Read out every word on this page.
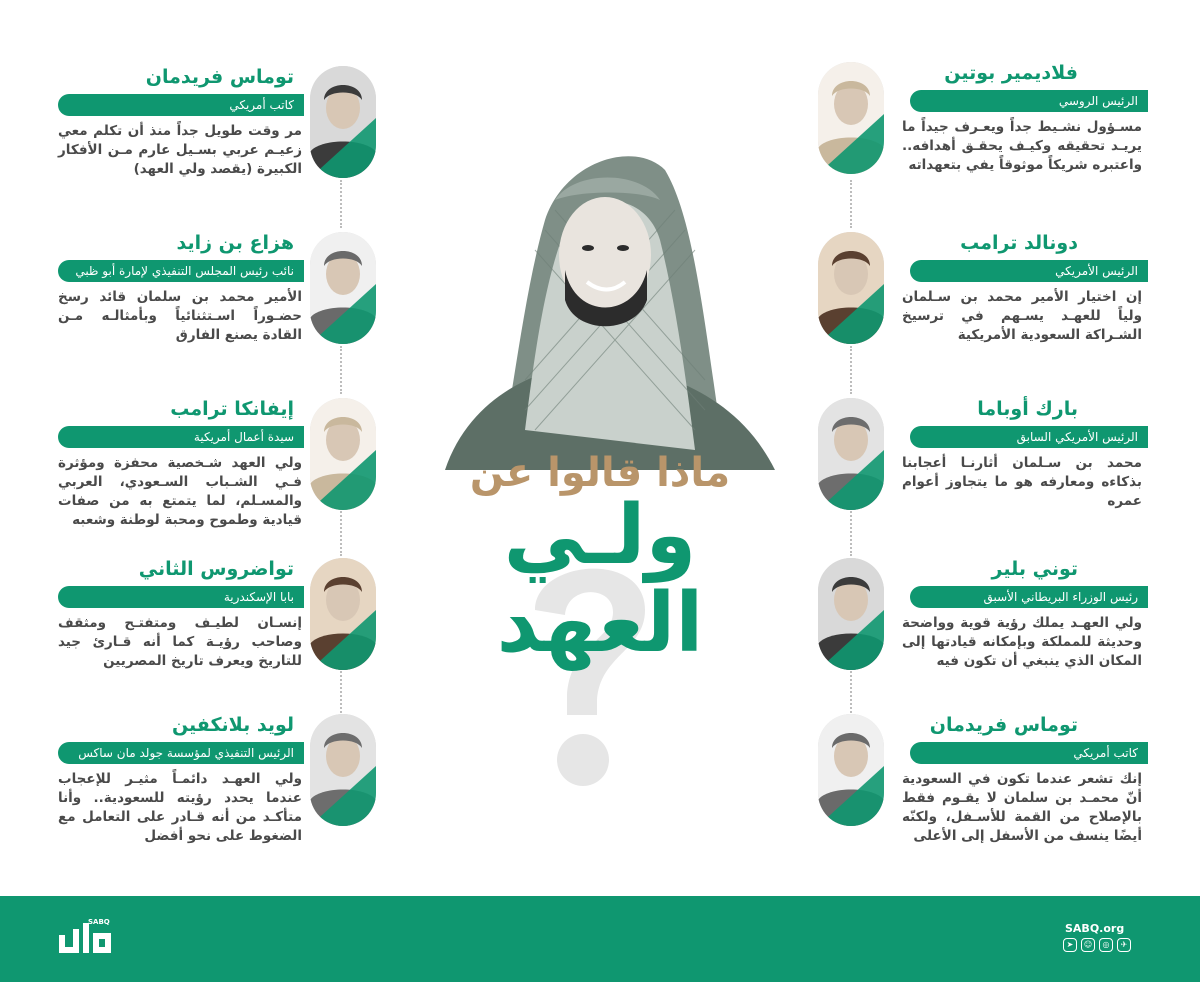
ماذا قالوا عن
ولـي
العهد
توماس فريدمان
كاتب أمريكي
مر وقت طويل جداً منذ أن تكلم معي زعيـم عربي بسـيل عارم مـن الأفكار الكبيرة (يقصد ولي العهد)
هزاع بن زايد
نائب رئيس المجلس التنفيذي لإمارة أبو ظبي
الأمير محمد بن سلمان قائد رسخ حضـوراً اسـتثنائياً وبأمثالـه مـن القادة يصنع الفارق
إيفانكا ترامب
سيدة أعمال أمريكية
ولي العهد شـخصية محفزة ومؤثرة فـي الشـباب السـعودي، العربي والمسـلم، لما يتمتع به من صفات قيادية وطموح ومحبة لوطنة وشعبه
تواضروس الثاني
بابا الإسكندرية
إنسـان لطيـف ومتفتـح ومثقف وصاحب رؤيـة كما أنه قـارئ جيد للتاريخ ويعرف تاريخ المصريين
لويد بلانكفين
الرئيس التنفيذي لمؤسسة جولد مان ساكس
ولي العهـد دائمـاً مثيـر للإعجاب عندما يحدد رؤيته للسعودية.. وأنا متأكـد من أنه قـادر على التعامل مع الضغوط على نحو أفضل
فلاديمير بوتين
الرئيس الروسي
مسـؤول نشـيط جداً ويعـرف جيداً ما يريـد تحقيقه وكيـف يحقـق أهدافه.. واعتبره شريكاً موثوقاً يفي بتعهداته
دونالد ترامب
الرئيس الأمريكي
إن اختيار الأمير محمد بن سـلمان ولياً للعهـد يسـهم في ترسيخ الشـراكة السعودية الأمريكية
بارك أوباما
الرئيس الأمريكي السابق
محمد بن سـلمان أثارنـا أعجابنا بذكاءه ومعارفه هو ما يتجاوز أعوام عمره
توني بلير
رئيس الوزراء البريطاني الأسبق
ولي العهـد يملك رؤية قوية وواضحة وحديثة للمملكة وبإمكانه قيادتها إلى المكان الذي ينبغي أن تكون فيه
توماس فريدمان
كاتب أمريكي
إنك تشعر عندما تكون في السعودية أنّ محمـد بن سلمان لا يقـوم فقط بالإصلاح من القمة للأسـفل، ولكنّه أيضًا ينسف من الأسفل إلى الأعلى
SABQ	SABQ.org
➤	☺	◎	✈
